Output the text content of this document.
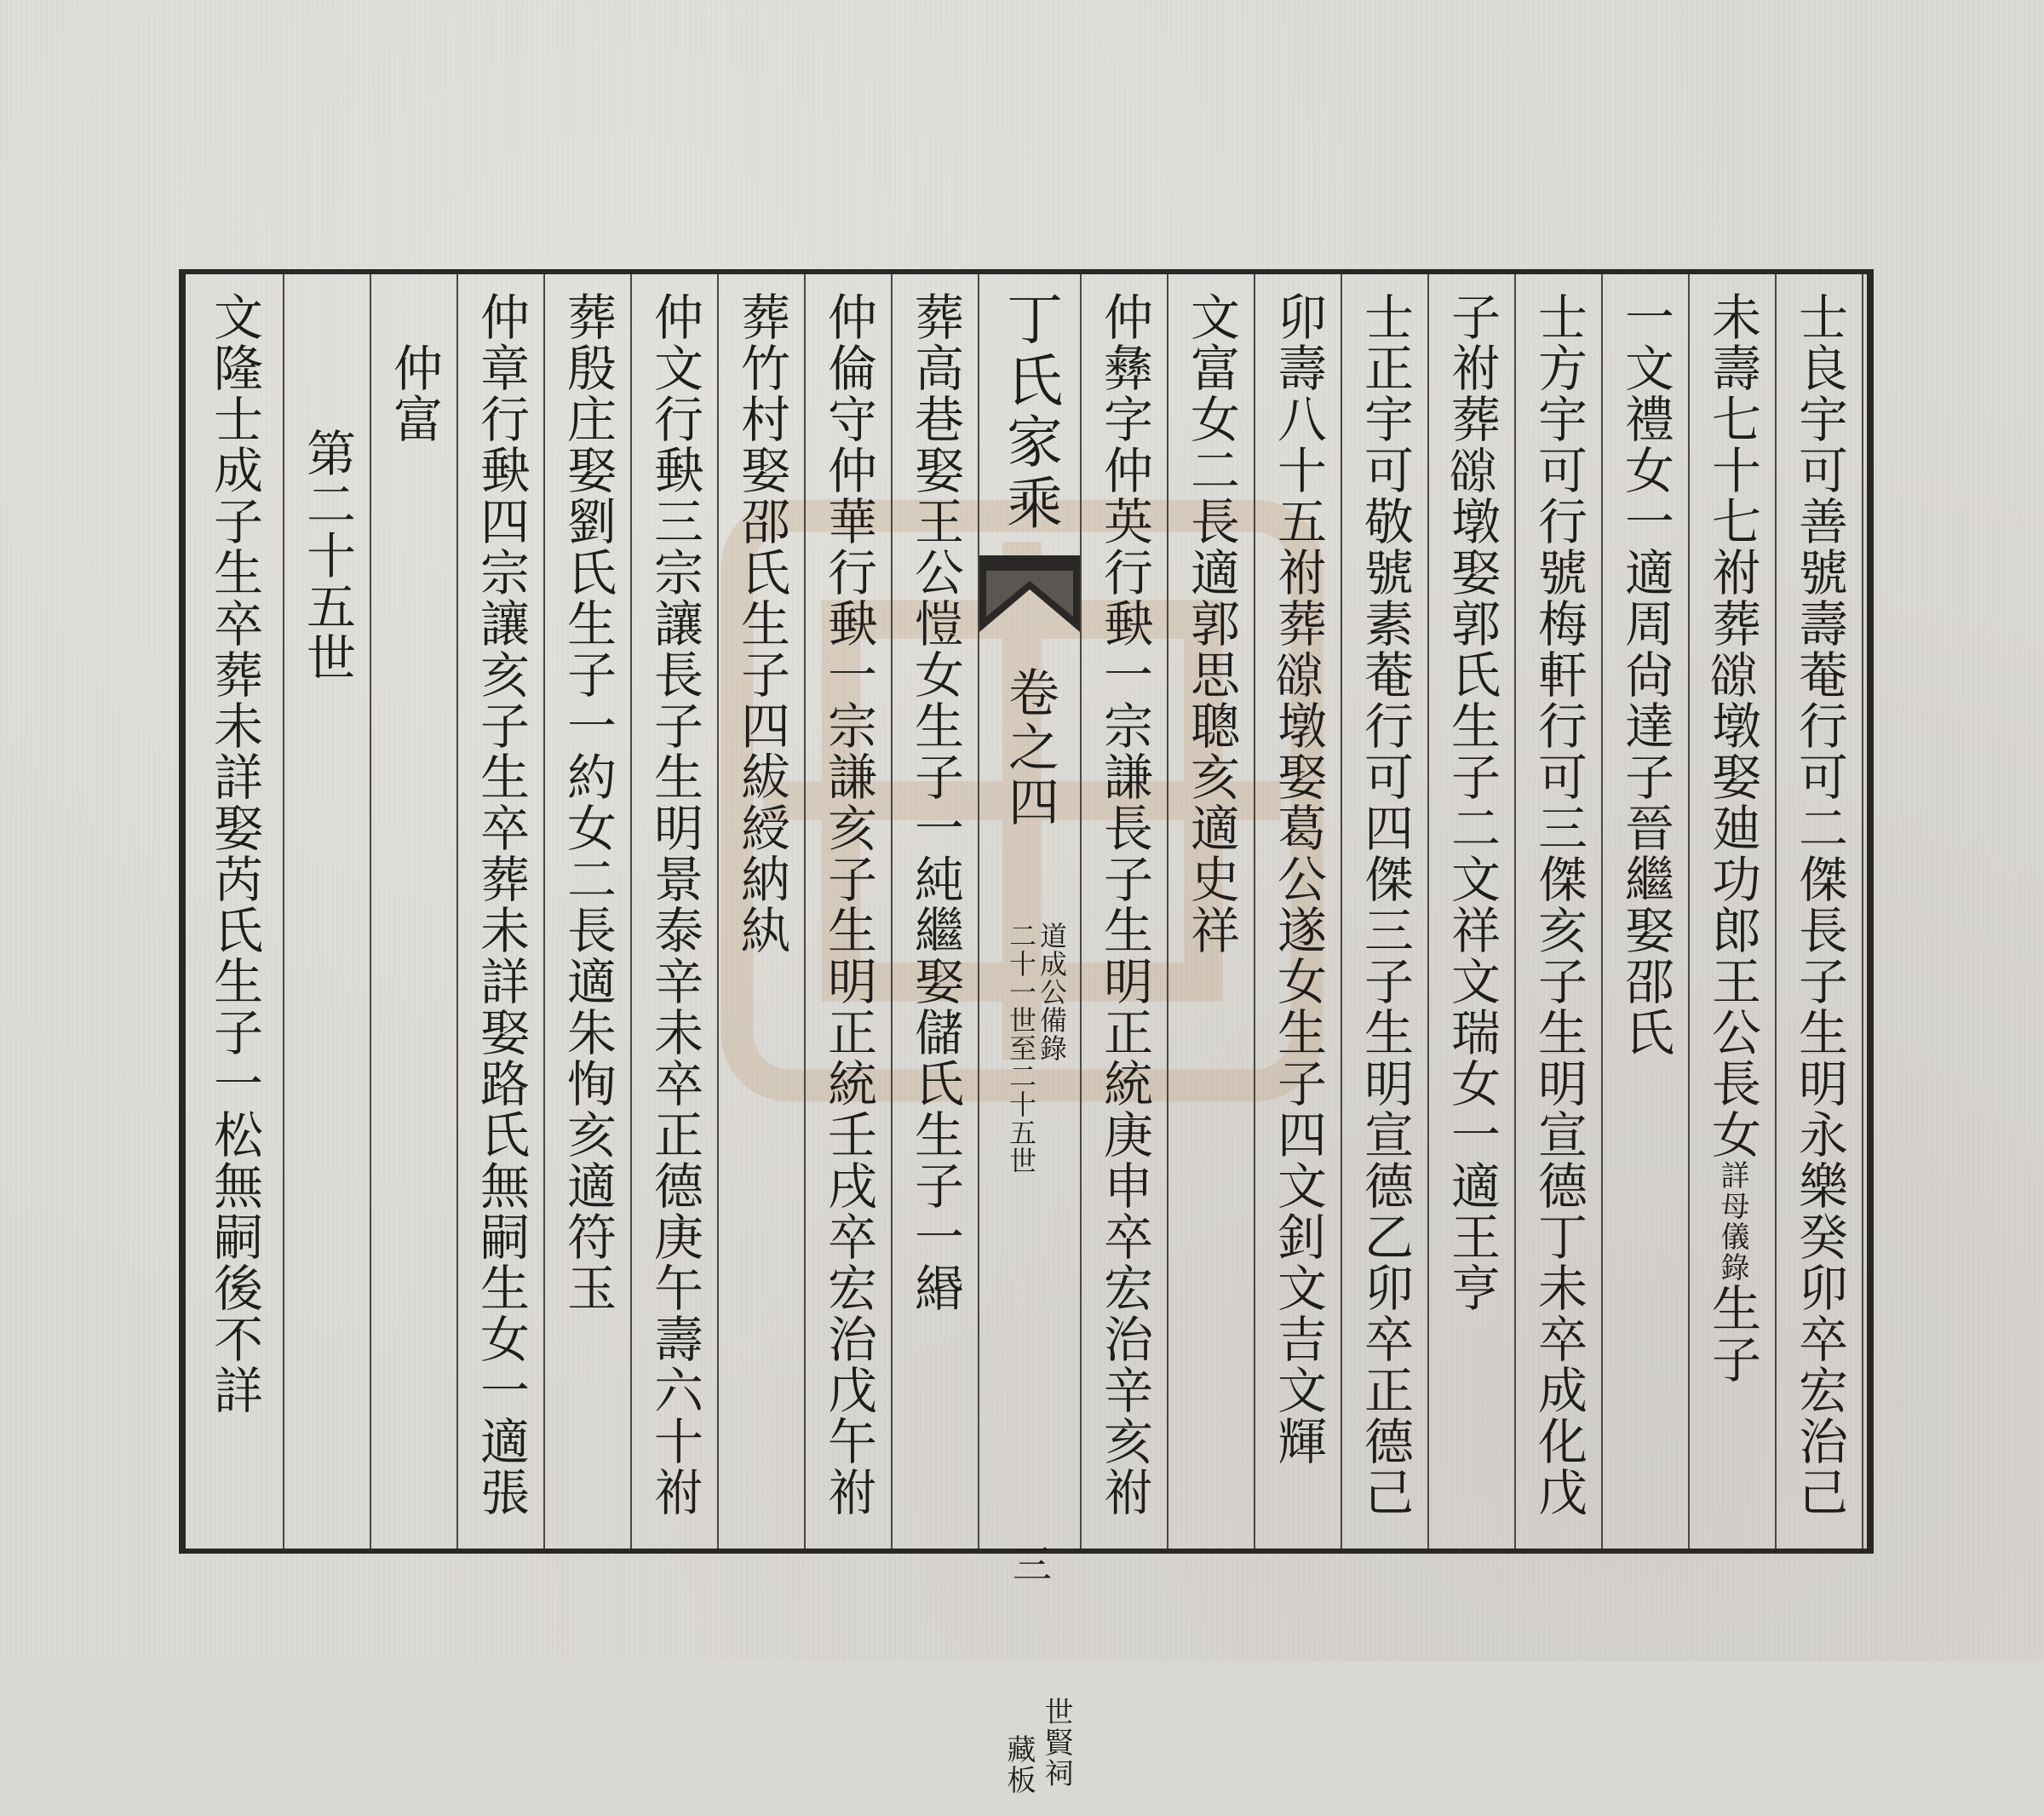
士良宇可善號壽菴行可二傑長子生明永樂癸卯卒宏治己
未壽七十七祔葬𧯈墩娶廸功郎王公長女
詳母儀錄
生子
一文禮女一適周尙達子晉繼娶邵氏
士方宇可行號梅軒行可三傑亥子生明宣德丁未卒成化戊
子祔葬𧯈墩娶郭氏生子二文祥文瑞女一適王亨
士正宇可敬號素菴行可四傑三子生明宣德乙卯卒正德己
卯壽八十五祔葬𧯈墩娶葛公遂女生子四文釗文吉文輝
文富女二長適郭思聰亥適史祥
仲彝字仲英行𡙇一宗謙長子生明正統庚申卒宏治辛亥祔
丁氏家乘
卷之四
道成公備錄
二十一世至二十五世
三
世賢祠
藏板
葬高巷娶王公愷女生子一純繼娶儲氏生子一緡
仲倫守仲華行𡙇一宗謙亥子生明正統壬戌卒宏治戊午祔
葬竹村娶邵氏生子四紱綬納紈
仲文行𡙇三宗讓長子生明景泰辛未卒正德庚午壽六十祔
葬殷庄娶劉氏生子一約女二長適朱恂亥適符玉
仲章行𡙇四宗讓亥子生卒葬未詳娶路氏無嗣生女一適張
仲富
第二十五世
文隆士成子生卒葬未詳娶芮氏生子一松無嗣後不詳
